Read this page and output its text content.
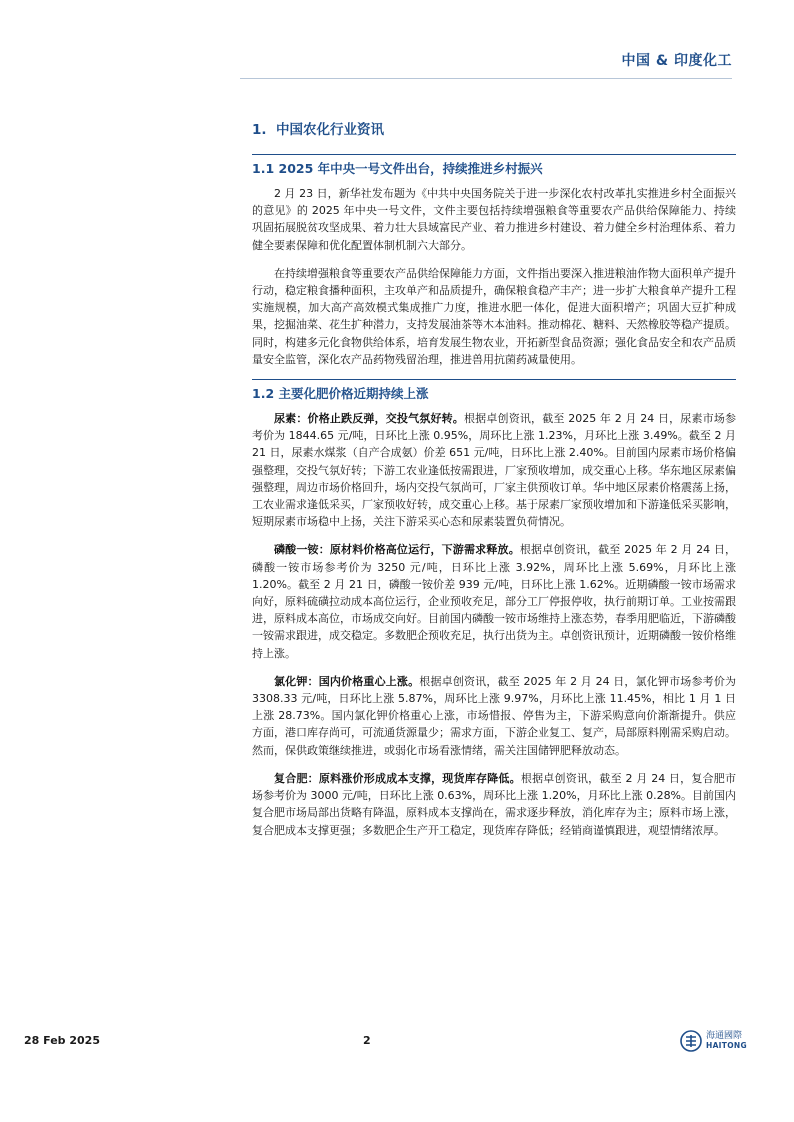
中国 & 印度化工
1. 中国农化行业资讯
1.1 2025 年中央一号文件出台，持续推进乡村振兴

2 月 23 日，新华社发布题为《中共中央国务院关于进一步深化农村改革扎实推进乡村全面振兴的意见》的 2025 年中央一号文件，文件主要包括持续增强粮食等重要农产品供给保障能力、持续巩固拓展脱贫攻坚成果、着力壮大县域富民产业、着力推进乡村建设、着力健全乡村治理体系、着力健全要素保障和优化配置体制机制六大部分。

在持续增强粮食等重要农产品供给保障能力方面，文件指出要深入推进粮油作物大面积单产提升行动，稳定粮食播种面积，主攻单产和品质提升，确保粮食稳产丰产；进一步扩大粮食单产提升工程实施规模，加大高产高效模式集成推广力度，推进水肥一体化，促进大面积增产；巩固大豆扩种成果，挖掘油菜、花生扩种潜力，支持发展油茶等木本油料。推动棉花、糖料、天然橡胶等稳产提质。同时，构建多元化食物供给体系，培育发展生物农业，开拓新型食品资源；强化食品安全和农产品质量安全监管，深化农产品药物残留治理，推进兽用抗菌药减量使用。

1.2 主要化肥价格近期持续上涨

尿素：价格止跌反弹，交投气氛好转。根据卓创资讯，截至 2025 年 2 月 24 日，尿素市场参考价为 1844.65 元/吨，日环比上涨 0.95%，周环比上涨 1.23%，月环比上涨 3.49%。截至 2 月 21 日，尿素水煤浆（自产合成氨）价差 651 元/吨，日环比上涨 2.40%。目前国内尿素市场价格偏强整理，交投气氛好转；下游工农业逢低按需跟进，厂家预收增加，成交重心上移。华东地区尿素偏强整理，周边市场价格回升，场内交投气氛尚可，厂家主供预收订单。华中地区尿素价格震荡上扬，工农业需求逢低采买，厂家预收好转，成交重心上移。基于尿素厂家预收增加和下游逢低采买影响，短期尿素市场稳中上扬，关注下游采买心态和尿素装置负荷情况。

磷酸一铵：原材料价格高位运行，下游需求释放。根据卓创资讯，截至 2025 年 2 月 24 日，磷酸一铵市场参考价为 3250 元/吨，日环比上涨 3.92%，周环比上涨 5.69%，月环比上涨 1.20%。截至 2 月 21 日，磷酸一铵价差 939 元/吨，日环比上涨 1.62%。近期磷酸一铵市场需求向好，原料硫磺拉动成本高位运行，企业预收充足，部分工厂停报停收，执行前期订单。工业按需跟进，原料成本高位，市场成交向好。目前国内磷酸一铵市场维持上涨态势，春季用肥临近，下游磷酸一铵需求跟进，成交稳定。多数肥企预收充足，执行出货为主。卓创资讯预计，近期磷酸一铵价格维持上涨。

氯化钾：国内价格重心上涨。根据卓创资讯，截至 2025 年 2 月 24 日，氯化钾市场参考价为 3308.33 元/吨，日环比上涨 5.87%，周环比上涨 9.97%，月环比上涨 11.45%，相比 1 月 1 日上涨 28.73%。国内氯化钾价格重心上涨，市场惜报、停售为主，下游采购意向价渐渐提升。供应方面，港口库存尚可，可流通货源量少；需求方面，下游企业复工、复产，局部原料刚需采购启动。然而，保供政策继续推进，或弱化市场看涨情绪，需关注国储钾肥释放动态。

复合肥：原料涨价形成成本支撑，现货库存降低。根据卓创资讯，截至 2 月 24 日，复合肥市场参考价为 3000 元/吨，日环比上涨 0.63%，周环比上涨 1.20%，月环比上涨 0.28%。目前国内复合肥市场局部出货略有降温，原料成本支撑尚在，需求逐步释放，消化库存为主；原料市场上涨，复合肥成本支撑更强；多数肥企生产开工稳定，现货库存降低；经销商谨慎跟进，观望情绪浓厚。

28 Feb 2025	2	海通國際
HAITONG
